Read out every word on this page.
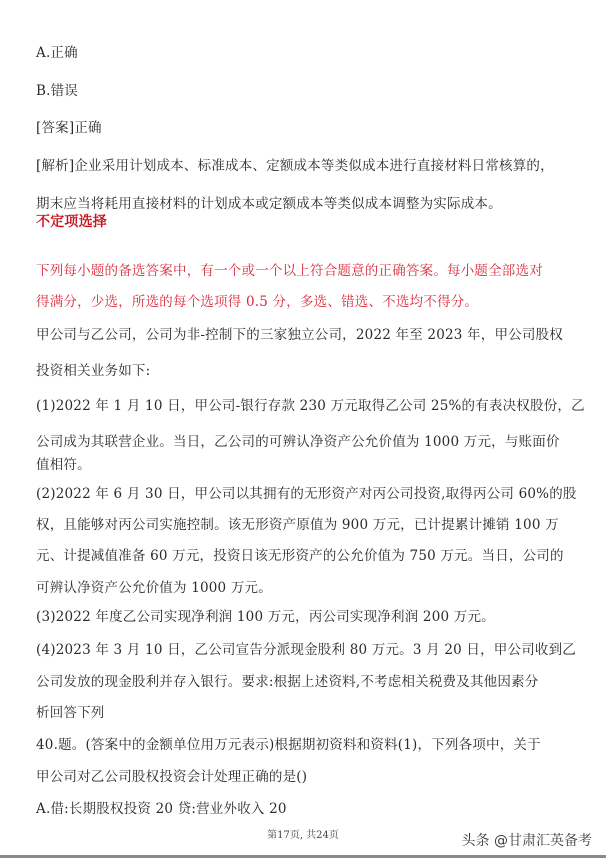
A.正确
B.错误
[答案]正确
[解析]企业采用计划成本、标准成本、定额成本等类似成本进行直接材料日常核算的，
期末应当将耗用直接材料的计划成本或定额成本等类似成本调整为实际成本。
不定项选择
下列每小题的备选答案中，有一个或一个以上符合题意的正确答案。每小题全部选对
得满分，少选，所选的每个选项得 0.5 分，多选、错选、不选均不得分。
甲公司与乙公司，公司为非-控制下的三家独立公司，2022 年至 2023 年，甲公司股权
投资相关业务如下:
(1)2022 年 1 月 10 日，甲公司-银行存款 230 万元取得乙公司 25%的有表决权股份，乙
公司成为其联营企业。当日，乙公司的可辨认净资产公允价值为 1000 万元，与账面价
值相符。
(2)2022 年 6 月 30 日，甲公司以其拥有的无形资产对丙公司投资,取得丙公司 60%的股
权，且能够对丙公司实施控制。该无形资产原值为 900 万元，已计提累计摊销 100 万
元、计提减值准备 60 万元，投资日该无形资产的公允价值为 750 万元。当日，公司的
可辨认净资产公允价值为 1000 万元。
(3)2022 年度乙公司实现净利润 100 万元，丙公司实现净利润 200 万元。
(4)2023 年 3 月 10 日，乙公司宣告分派现金股利 80 万元。3 月 20 日，甲公司收到乙
公司发放的现金股利并存入银行。要求:根据上述资料,不考虑相关税费及其他因素分
析回答下列
40.题。(答案中的金额单位用万元表示)根据期初资料和资料(1)，下列各项中，关于
甲公司对乙公司股权投资会计处理正确的是()
A.借:长期股权投资 20 贷:营业外收入 20
第17页, 共24页	头条 @甘肃汇英备考
